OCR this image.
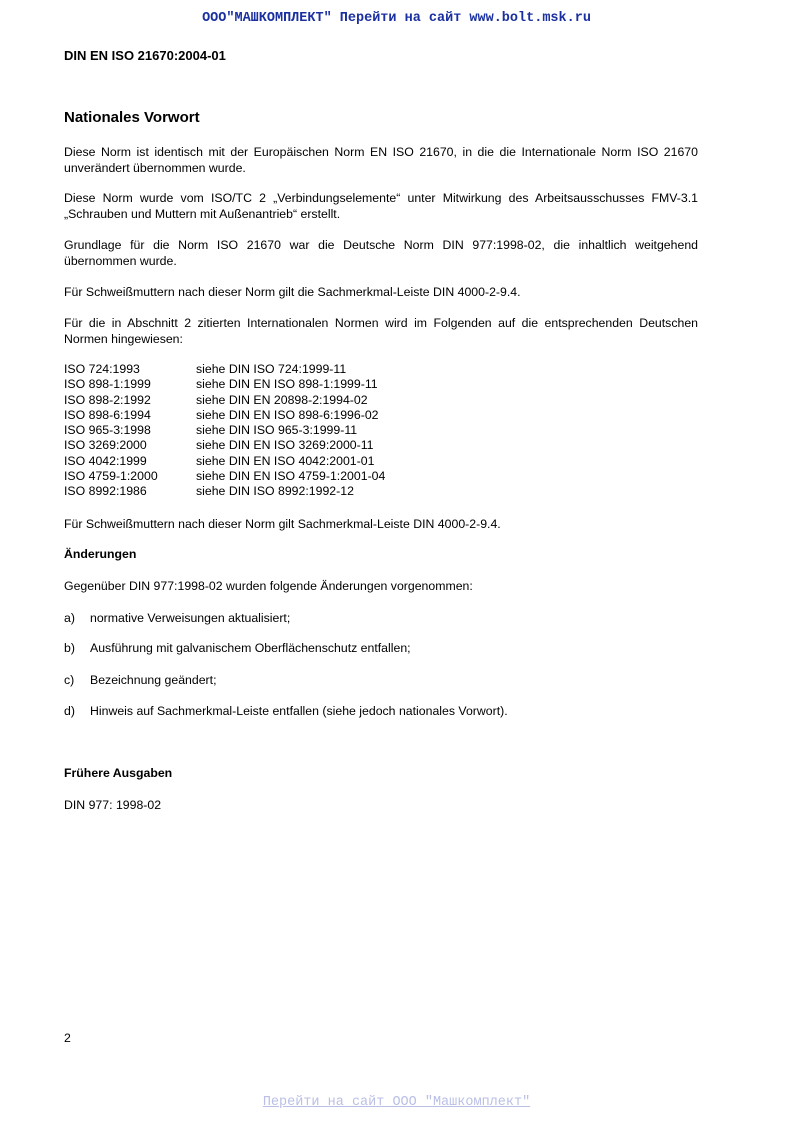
ООО"МАШКОМПЛЕКТ" Перейти на сайт www.bolt.msk.ru
DIN EN ISO 21670:2004-01
Nationales Vorwort
Diese Norm ist identisch mit der Europäischen Norm EN ISO 21670, in die die Internationale Norm ISO 21670 unverändert übernommen wurde.
Diese Norm wurde vom ISO/TC 2 „Verbindungselemente“ unter Mitwirkung des Arbeitsausschusses FMV-3.1 „Schrauben und Muttern mit Außenantrieb“ erstellt.
Grundlage für die Norm ISO 21670 war die Deutsche Norm DIN 977:1998-02, die inhaltlich weitgehend übernommen wurde.
Für Schweißmuttern nach dieser Norm gilt die Sachmerkmal-Leiste DIN 4000-2-9.4.
Für die in Abschnitt 2 zitierten Internationalen Normen wird im Folgenden auf die entsprechenden Deutschen Normen hingewiesen:
ISO 724:1993	siehe DIN ISO 724:1999-11
ISO 898-1:1999	siehe DIN EN ISO 898-1:1999-11
ISO 898-2:1992	siehe DIN EN 20898-2:1994-02
ISO 898-6:1994	siehe DIN EN ISO 898-6:1996-02
ISO 965-3:1998	siehe DIN ISO 965-3:1999-11
ISO 3269:2000	siehe DIN EN ISO 3269:2000-11
ISO 4042:1999	siehe DIN EN ISO 4042:2001-01
ISO 4759-1:2000	siehe DIN EN ISO 4759-1:2001-04
ISO 8992:1986	siehe DIN ISO 8992:1992-12
Für Schweißmuttern nach dieser Norm gilt Sachmerkmal-Leiste DIN 4000-2-9.4.
Änderungen
Gegenüber DIN 977:1998-02 wurden folgende Änderungen vorgenommen:
a) normative Verweisungen aktualisiert;
b) Ausführung mit galvanischem Oberflächenschutz entfallen;
c) Bezeichnung geändert;
d) Hinweis auf Sachmerkmal-Leiste entfallen (siehe jedoch nationales Vorwort).
Frühere Ausgaben
DIN 977: 1998-02
2
Перейти на сайт ООО "Машкомплект"
